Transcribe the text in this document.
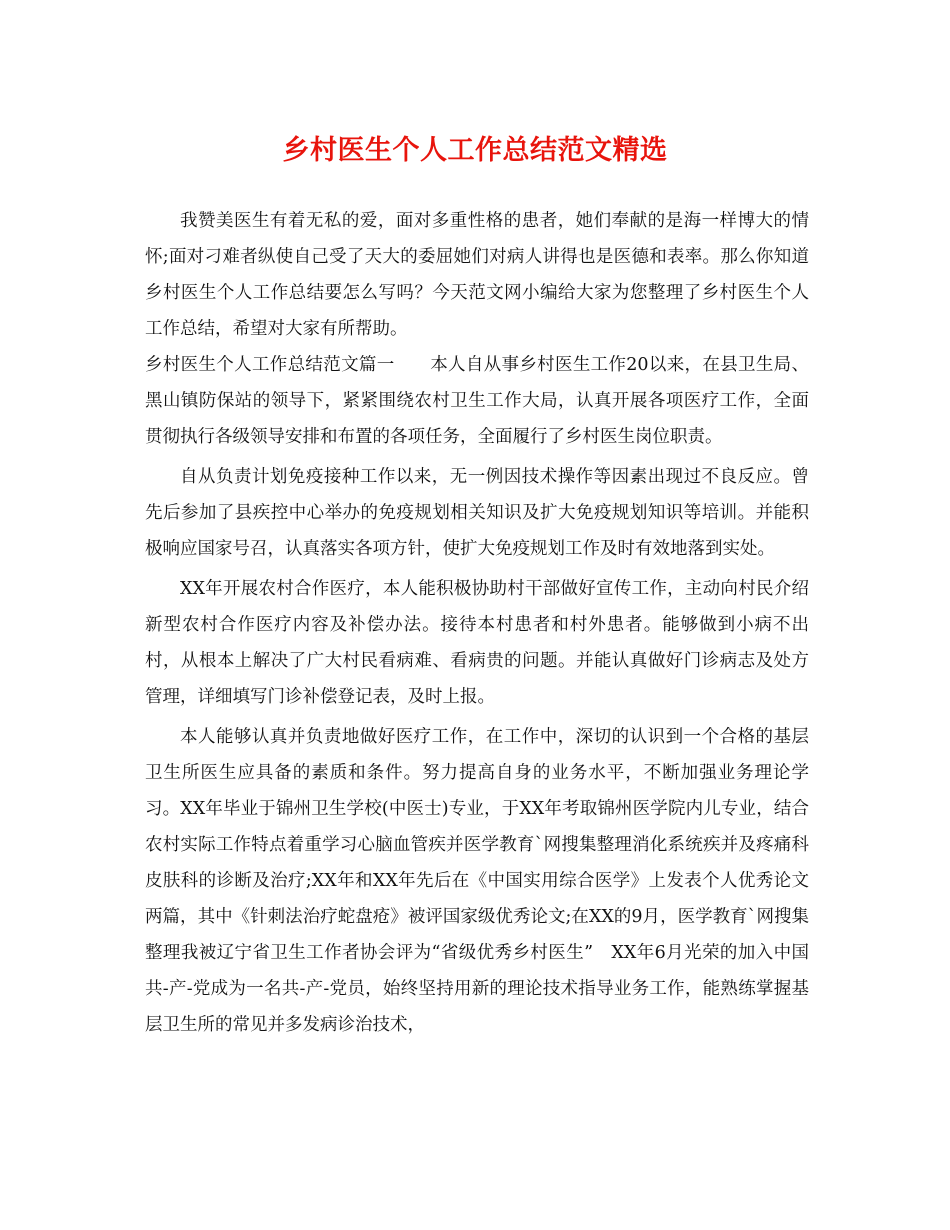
乡村医生个人工作总结范文精选

我赞美医生有着无私的爱，面对多重性格的患者，她们奉献的是海一样博大的情怀;面对刁难者纵使自己受了天大的委屈她们对病人讲得也是医德和表率。那么你知道乡村医生个人工作总结要怎么写吗？今天范文网小编给大家为您整理了乡村医生个人工作总结，希望对大家有所帮助。

乡村医生个人工作总结范文篇一　　本人自从事乡村医生工作20以来，在县卫生局、黑山镇防保站的领导下，紧紧围绕农村卫生工作大局，认真开展各项医疗工作，全面贯彻执行各级领导安排和布置的各项任务，全面履行了乡村医生岗位职责。

自从负责计划免疫接种工作以来，无一例因技术操作等因素出现过不良反应。曾先后参加了县疾控中心举办的免疫规划相关知识及扩大免疫规划知识等培训。并能积极响应国家号召，认真落实各项方针，使扩大免疫规划工作及时有效地落到实处。

XX年开展农村合作医疗，本人能积极协助村干部做好宣传工作，主动向村民介绍新型农村合作医疗内容及补偿办法。接待本村患者和村外患者。能够做到小病不出村，从根本上解决了广大村民看病难、看病贵的问题。并能认真做好门诊病志及处方管理，详细填写门诊补偿登记表，及时上报。

本人能够认真并负责地做好医疗工作，在工作中，深切的认识到一个合格的基层卫生所医生应具备的素质和条件。努力提高自身的业务水平，不断加强业务理论学习。XX年毕业于锦州卫生学校(中医士)专业，于XX年考取锦州医学院内儿专业，结合农村实际工作特点着重学习心脑血管疾并医学教育`网搜集整理消化系统疾并及疼痛科皮肤科的诊断及治疗;XX年和XX年先后在《中国实用综合医学》上发表个人优秀论文两篇，其中《针刺法治疗蛇盘疮》被评国家级优秀论文;在XX的9月，医学教育`网搜集整理我被辽宁省卫生工作者协会评为“省级优秀乡村医生”　XX年6月光荣的加入中国共-产-党成为一名共-产-党员，始终坚持用新的理论技术指导业务工作，能熟练掌握基层卫生所的常见并多发病诊治技术，
